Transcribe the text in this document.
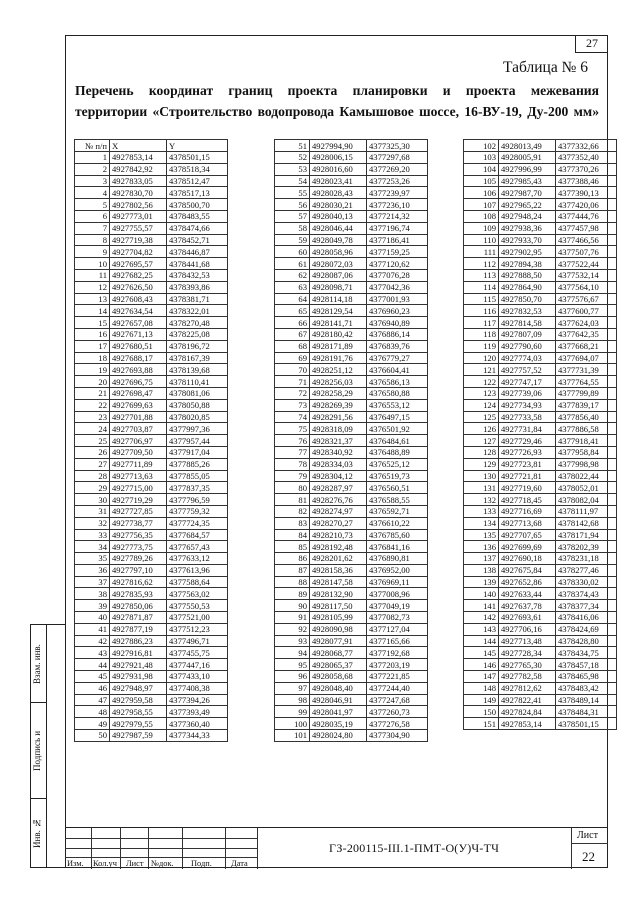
27
Таблица № 6
Перечень координат границ проекта планировки и проекта межевания
территории «Строительство водопровода Камышовое шоссе, 16-ВУ-19, Ду-200 мм»
№ п/п	X	Y
1	4927853,14	4378501,15
2	4927842,92	4378518,34
3	4927833,05	4378512,47
4	4927830,70	4378517,13
5	4927802,56	4378500,70
6	4927773,01	4378483,55
7	4927755,57	4378474,66
8	4927719,38	4378452,71
9	4927704,82	4378446,87
10	4927695,57	4378441,68
11	4927682,25	4378432,53
12	4927626,50	4378393,86
13	4927608,43	4378381,71
14	4927634,54	4378322,01
15	4927657,08	4378270,48
16	4927671,13	4378225,08
17	4927680,51	4378196,72
18	4927688,17	4378167,39
19	4927693,88	4378139,68
20	4927696,75	4378110,41
21	4927698,47	4378081,06
22	4927699,63	4378050,88
23	4927701,88	4378020,85
24	4927703,87	4377997,36
25	4927706,97	4377957,44
26	4927709,50	4377917,04
27	4927711,89	4377885,26
28	4927713,63	4377855,05
29	4927715,00	4377837,35
30	4927719,29	4377796,59
31	4927727,85	4377759,32
32	4927738,77	4377724,35
33	4927756,35	4377684,57
34	4927773,75	4377657,43
35	4927789,26	4377633,12
36	4927797,10	4377613,96
37	4927816,62	4377588,64
38	4927835,93	4377563,02
39	4927850,06	4377550,53
40	4927871,87	4377521,00
41	4927877,19	4377512,23
42	4927886,23	4377496,71
43	4927916,81	4377455,75
44	4927921,48	4377447,16
45	4927931,98	4377433,10
46	4927948,97	4377408,38
47	4927959,58	4377394,26
48	4927958,55	4377393,49
49	4927979,55	4377360,40
50	4927987,59	4377344,33
51	4927994,90	4377325,30
52	4928006,15	4377297,68
53	4928016,60	4377269,20
54	4928023,41	4377253,26
55	4928028,43	4377239,97
56	4928030,21	4377236,10
57	4928040,13	4377214,32
58	4928046,44	4377196,74
59	4928049,78	4377186,41
60	4928058,96	4377159,25
61	4928072,03	4377120,62
62	4928087,06	4377076,28
63	4928098,71	4377042,36
64	4928114,18	4377001,93
65	4928129,54	4376960,23
66	4928141,71	4376940,89
67	4928180,42	4376886,14
68	4928171,89	4376839,76
69	4928191,76	4376779,27
70	4928251,12	4376604,41
71	4928256,03	4376586,13
72	4928258,29	4376580,88
73	4928269,39	4376553,12
74	4928291,56	4376497,15
75	4928318,09	4376501,92
76	4928321,37	4376484,61
77	4928340,92	4376488,89
78	4928334,03	4376525,12
79	4928304,12	4376519,73
80	4928287,97	4376560,51
81	4928276,76	4376588,55
82	4928274,97	4376592,71
83	4928270,27	4376610,22
84	4928210,73	4376785,60
85	4928192,48	4376841,16
86	4928201,62	4376890,81
87	4928158,36	4376952,00
88	4928147,58	4376969,11
89	4928132,90	4377008,96
90	4928117,50	4377049,19
91	4928105,99	4377082,73
92	4928090,98	4377127,04
93	4928077,91	4377165,66
94	4928068,77	4377192,68
95	4928065,37	4377203,19
96	4928058,68	4377221,85
97	4928048,40	4377244,40
98	4928046,91	4377247,68
99	4928041,97	4377260,73
100	4928035,19	4377276,58
101	4928024,80	4377304,90
102	4928013,49	4377332,66
103	4928005,91	4377352,40
104	4927996,99	4377370,26
105	4927985,43	4377388,46
106	4927987,70	4377390,13
107	4927965,22	4377420,06
108	4927948,24	4377444,76
109	4927938,36	4377457,98
110	4927933,70	4377466,56
111	4927902,95	4377507,76
112	4927894,38	4377522,44
113	4927888,50	4377532,14
114	4927864,90	4377564,10
115	4927850,70	4377576,67
116	4927832,53	4377600,77
117	4927814,58	4377624,03
118	4927807,09	4377642,35
119	4927790,60	4377668,21
120	4927774,03	4377694,07
121	4927757,52	4377731,39
122	4927747,17	4377764,55
123	4927739,06	4377799,89
124	4927734,93	4377839,17
125	4927733,58	4377856,40
126	4927731,84	4377886,58
127	4927729,46	4377918,41
128	4927726,93	4377958,84
129	4927723,81	4377998,98
130	4927721,81	4378022,44
131	4927719,60	4378052,01
132	4927718,45	4378082,04
133	4927716,69	4378111,97
134	4927713,68	4378142,68
135	4927707,65	4378171,94
136	4927699,69	4378202,39
137	4927690,18	4378231,18
138	4927675,84	4378277,46
139	4927652,86	4378330,02
140	4927633,44	4378374,43
141	4927637,78	4378377,34
142	4927693,61	4378416,06
143	4927706,16	4378424,69
144	4927713,48	4378428,80
145	4927728,34	4378434,75
146	4927765,30	4378457,18
147	4927782,58	4378465,98
148	4927812,62	4378483,42
149	4927822,41	4378489,14
150	4927824,84	4378484,31
151	4927853,14	4378501,15
Взам. инв.
Подпись и
Инв. №
Изм. Кол.уч Лист №док. Подп. Дата
ГЗ-200115-III.1-ПМТ-О(У)Ч-ТЧ
Лист
22
